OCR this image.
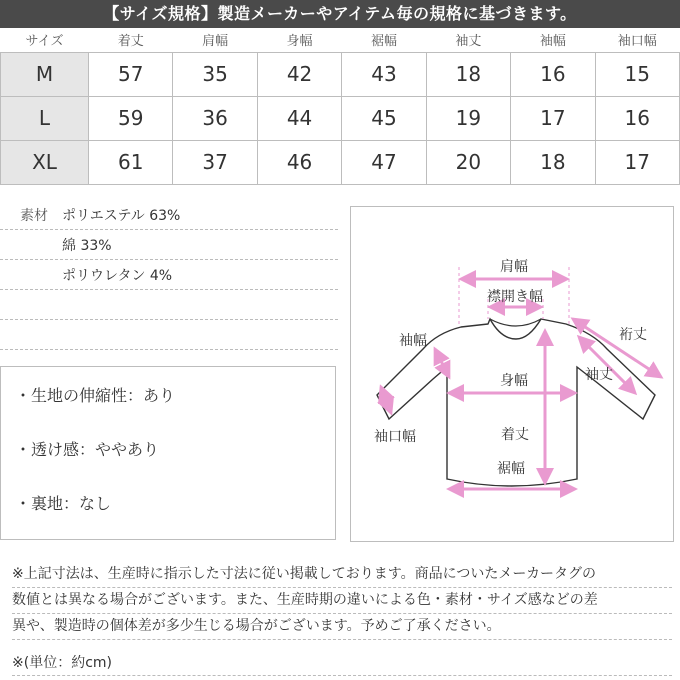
【サイズ規格】製造メーカーやアイテム毎の規格に基づきます。
サイズ	着丈	肩幅	身幅	裾幅	袖丈	袖幅	袖口幅
M	57	35	42	43	18	16	15
L	59	36	44	45	19	17	16
XL	61	37	46	47	20	18	17
素材	ポリエステル 63%
綿 33%
ポリウレタン 4%
・生地の伸縮性：あり
・透け感：ややあり
・裏地：なし
肩幅
襟開き幅
袖幅	裄丈
袖丈
身幅
袖口幅	着丈
裾幅
※上記寸法は、生産時に指示した寸法に従い掲載しております。商品についたメーカータグの
数値とは異なる場合がございます。また、生産時期の違いによる色・素材・サイズ感などの差
異や、製造時の個体差が多少生じる場合がございます。予めご了承ください。
※(単位：約cm)
